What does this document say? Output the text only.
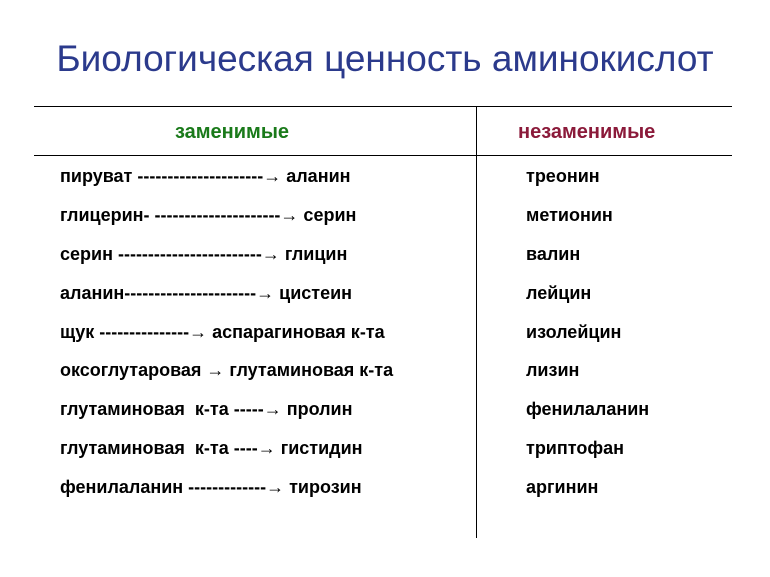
Биологическая ценность аминокислот
заменимые	незаменимые
пируват ---------------------→ аланин
глицерин- ---------------------→ серин
серин ------------------------→ глицин
аланин----------------------→ цистеин
щук ---------------→ аспарагиновая к-та
оксоглутаровая → глутаминовая к-та
глутаминовая  к-та -----→ пролин
глутаминовая  к-та ----→ гистидин
фенилаланин -------------→ тирозин
треонин
метионин
валин
лейцин
изолейцин
лизин
фенилаланин
триптофан
аргинин
